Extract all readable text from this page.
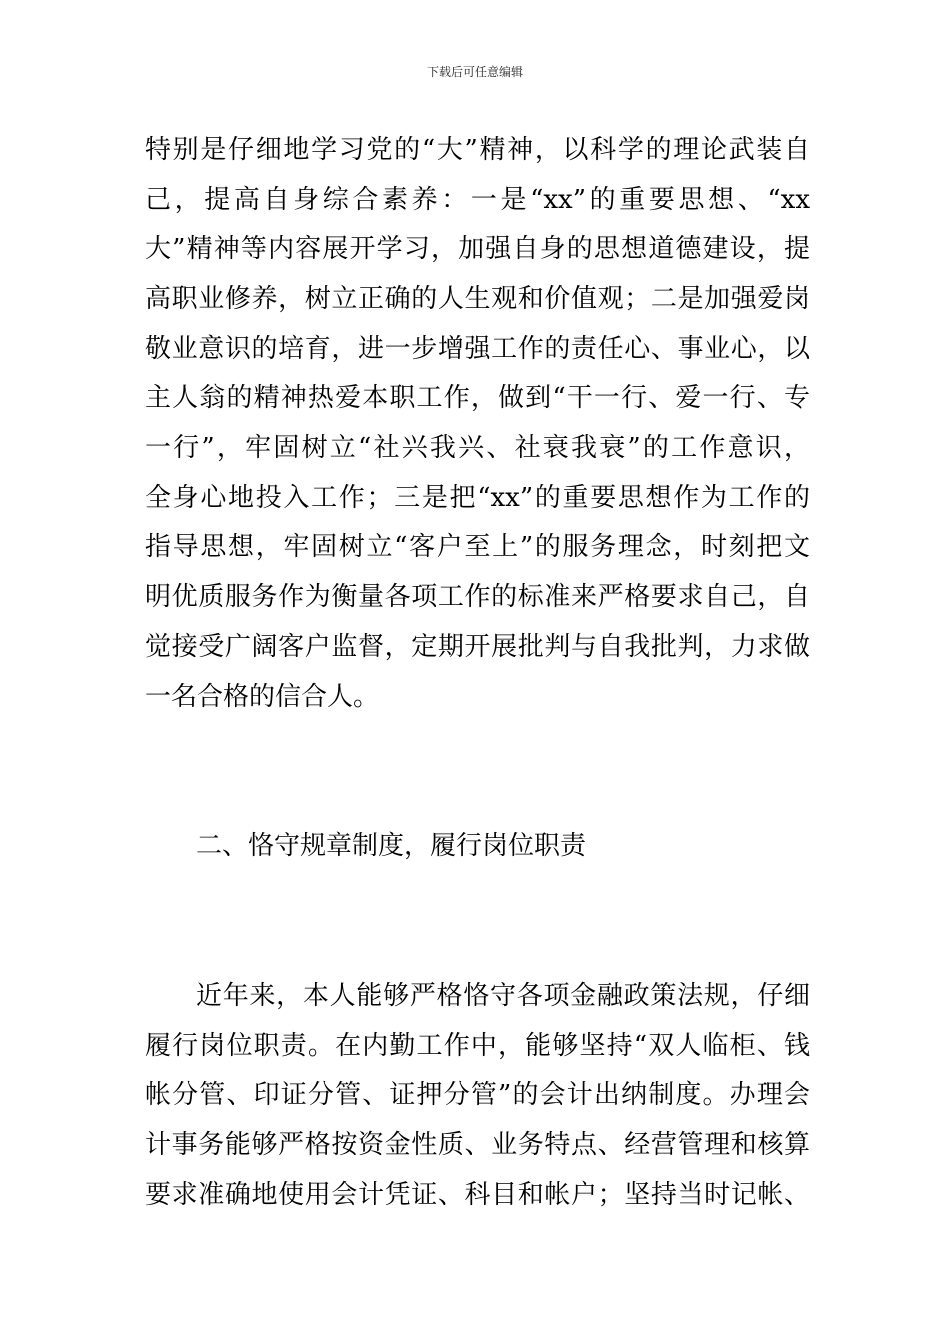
下载后可任意编辑
特别是仔细地学习党的“大”精神，以科学的理论武装自
己，提高自身综合素养：一是“xx”的重要思想、“xx
大”精神等内容展开学习，加强自身的思想道德建设，提
高职业修养，树立正确的人生观和价值观；二是加强爱岗
敬业意识的培育，进一步增强工作的责任心、事业心，以
主人翁的精神热爱本职工作，做到“干一行、爱一行、专
一行”，牢固树立“社兴我兴、社衰我衰”的工作意识，
全身心地投入工作；三是把“xx”的重要思想作为工作的
指导思想，牢固树立“客户至上”的服务理念，时刻把文
明优质服务作为衡量各项工作的标准来严格要求自己，自
觉接受广阔客户监督，定期开展批判与自我批判，力求做
一名合格的信合人。
二、恪守规章制度，履行岗位职责
近年来，本人能够严格恪守各项金融政策法规，仔细
履行岗位职责。在内勤工作中，能够坚持“双人临柜、钱
帐分管、印证分管、证押分管”的会计出纳制度。办理会
计事务能够严格按资金性质、业务特点、经营管理和核算
要求准确地使用会计凭证、科目和帐户；坚持当时记帐、
